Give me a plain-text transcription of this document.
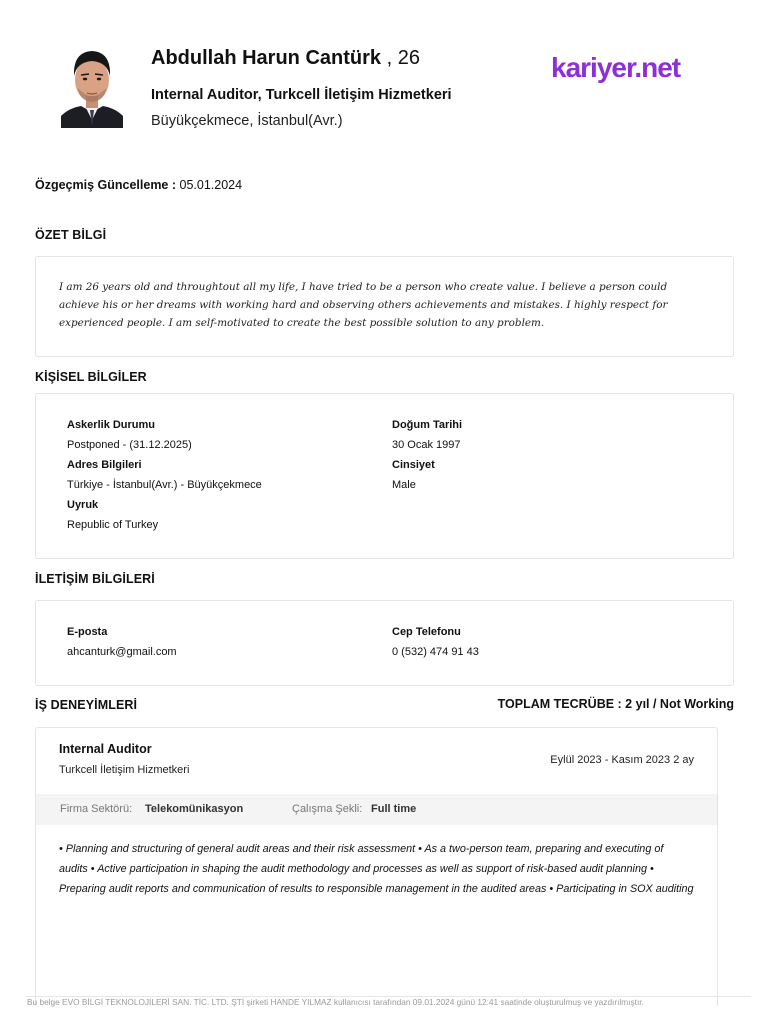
Abdullah Harun Cantürk , 26
Internal Auditor, Turkcell İletişim Hizmetkeri
Büyükçekmece, İstanbul(Avr.)
kariyer.net
Özgeçmiş Güncelleme : 05.01.2024
ÖZET BİLGİ
I am 26 years old and throughtout all my life, I have tried to be a person who create value. I believe a person could achieve his or her dreams with working hard and observing others achievements and mistakes. I highly respect for experienced people. I am self-motivated to create the best possible solution to any problem.
KİŞİSEL BİLGİLER
Askerlik Durumu
Postponed - (31.12.2025)
Adres Bilgileri
Türkiye - İstanbul(Avr.) - Büyükçekmece
Uyruk
Republic of Turkey
Doğum Tarihi
30 Ocak 1997
Cinsiyet
Male
İLETİŞİM BİLGİLERİ
E-posta
ahcanturk@gmail.com
Cep Telefonu
0 (532) 474 91 43
İŞ DENEYİMLERİ	TOPLAM TECRÜBE : 2 yıl / Not Working
Internal Auditor
Turkcell İletişim Hizmetkeri
Eylül 2023 - Kasım 2023 2 ay
Firma Sektörü: Telekomünikasyon	Çalışma Şekli: Full time
• Planning and structuring of general audit areas and their risk assessment • As a two-person team, preparing and executing of audits • Active participation in shaping the audit methodology and processes as well as support of risk-based audit planning • Preparing audit reports and communication of results to responsible management in the audited areas • Participating in SOX auditing
Bu belge EVO BİLGİ TEKNOLOJİLERİ SAN. TİC. LTD. ŞTİ şirketi HANDE YILMAZ kullanıcısı tarafından 09.01.2024 günü 12:41 saatinde oluşturulmuş ve yazdırılmıştır.
